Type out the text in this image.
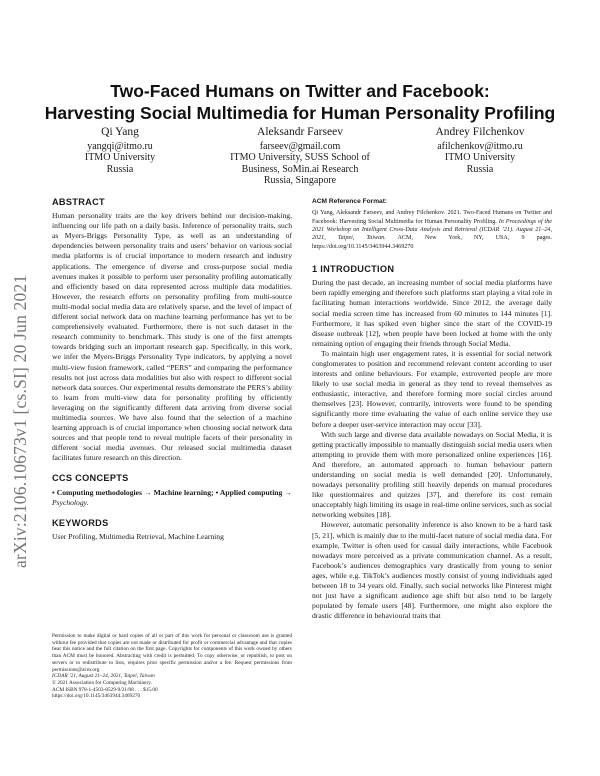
arXiv:2106.10673v1 [cs.SI] 20 Jun 2021
Two-Faced Humans on Twitter and Facebook:
Harvesting Social Multimedia for Human Personality Profiling
Qi Yang
yangqi@itmo.ru
ITMO University
Russia
Aleksandr Farseev
farseev@gmail.com
ITMO University, SUSS School of
Business, SoMin.ai Research
Russia, Singapore
Andrey Filchenkov
afilchenkov@itmo.ru
ITMO University
Russia
ABSTRACT

Human personality traits are the key drivers behind our decision-making, influencing our life path on a daily basis. Inference of personality traits, such as Myers-Briggs Personality Type, as well as an understanding of dependencies between personality traits and users’ behavior on various social media platforms is of crucial importance to modern research and industry applications. The emergence of diverse and cross-purpose social media avenues makes it possible to perform user personality profiling automatically and efficiently based on data represented across multiple data modalities. However, the research efforts on personality profiling from multi-source multi-modal social media data are relatively sparse, and the level of impact of different social network data on machine learning performance has yet to be comprehensively evaluated. Furthermore, there is not such dataset in the research community to benchmark. This study is one of the first attempts towards bridging such an important research gap. Specifically, in this work, we infer the Myers-Briggs Personality Type indicators, by applying a novel multi-view fusion framework, called “PERS” and comparing the performance results not just across data modalities but also with respect to different social network data sources. Our experimental results demonstrate the PERS’s ability to learn from multi-view data for personality profiling by efficiently leveraging on the significantly different data arriving from diverse social multimedia sources. We have also found that the selection of a machine learning approach is of crucial importance when choosing social network data sources and that people tend to reveal multiple facets of their personality in different social media avenues. Our released social multimedia dataset facilitates future research on this direction.

CCS CONCEPTS

• Computing methodologies → Machine learning; • Applied computing → Psychology.

KEYWORDS

User Profiling, Multimedia Retrieval, Machine Learning

Permission to make digital or hard copies of all or part of this work for personal or classroom use is granted without fee provided that copies are not made or distributed for profit or commercial advantage and that copies bear this notice and the full citation on the first page. Copyrights for components of this work owned by others than ACM must be honored. Abstracting with credit is permitted. To copy otherwise, or republish, to post on servers or to redistribute to lists, requires prior specific permission and/or a fee. Request permissions from permissions@acm.org.
ICDAR ’21, August 21–24, 2021, Taipei, Taiwan
© 2021 Association for Computing Machinery.
ACM ISBN 978-1-4503-8529-9/21/08 . . . $15.00
https://doi.org/10.1145/3463944.3469270
ACM Reference Format:

Qi Yang, Aleksandr Farseev, and Andrey Filchenkov. 2021. Two-Faced Humans on Twitter and Facebook: Harvesting Social Multimedia for Human Personality Profiling. In Proceedings of the 2021 Workshop on Intelligent Cross-Data Analysis and Retrieval (ICDAR ’21). August 21–24, 2021, Taipei, Taiwan. ACM, New York, NY, USA, 9 pages. https://doi.org/10.1145/3463944.3469270

1 INTRODUCTION

During the past decade, an increasing number of social media platforms have been rapidly emerging and therefore such platforms start playing a vital role in facilitating human interactions worldwide. Since 2012, the average daily social media screen time has increased from 60 minutes to 144 minutes [1]. Furthermore, it has spiked even higher since the start of the COVID-19 disease outbreak [12], when people have been locked at home with the only remaining option of engaging their friends through Social Media.

To maintain high user engagement rates, it is essential for social network conglomerates to position and recommend relevant content according to user interests and online behaviours. For example, extroverted people are more likely to use social media in general as they tend to reveal themselves as enthusiastic, interactive, and therefore forming more social circles around themselves [23]. However, contrarily, introverts were found to be spending significantly more time evaluating the value of each online service they use before a deeper user-service interaction may occur [33].

With such large and diverse data available nowadays on Social Media, it is getting practically impossible to manually distinguish social media users when attempting to provide them with more personalized online experiences [16]. And therefore, an automated approach to human behaviour pattern understanding on social media is well demanded [20]. Unfortunately, nowadays personality profiling still heavily depends on manual procedures like questionnaires and quizzes [37], and therefore its cost remain unacceptably high limiting its usage in real-time online services, such as social networking websites [18].

However, automatic personality inference is also known to be a hard task [5, 21], which is mainly due to the multi-facet nature of social media data. For example, Twitter is often used for casual daily interactions, while Facebook nowadays more perceived as a private communication channel. As a result, Facebook’s audiences demographics vary drastically from young to senior ages, while e.g. TikTok’s audiences mostly consist of young individuals aged between 18 to 34 years old. Finally, such social networks like Pinterest might not just have a significant audience age shift but also tend to be largely populated by female users [48]. Furthermore, one might also explore the drastic difference in behavioural traits that
